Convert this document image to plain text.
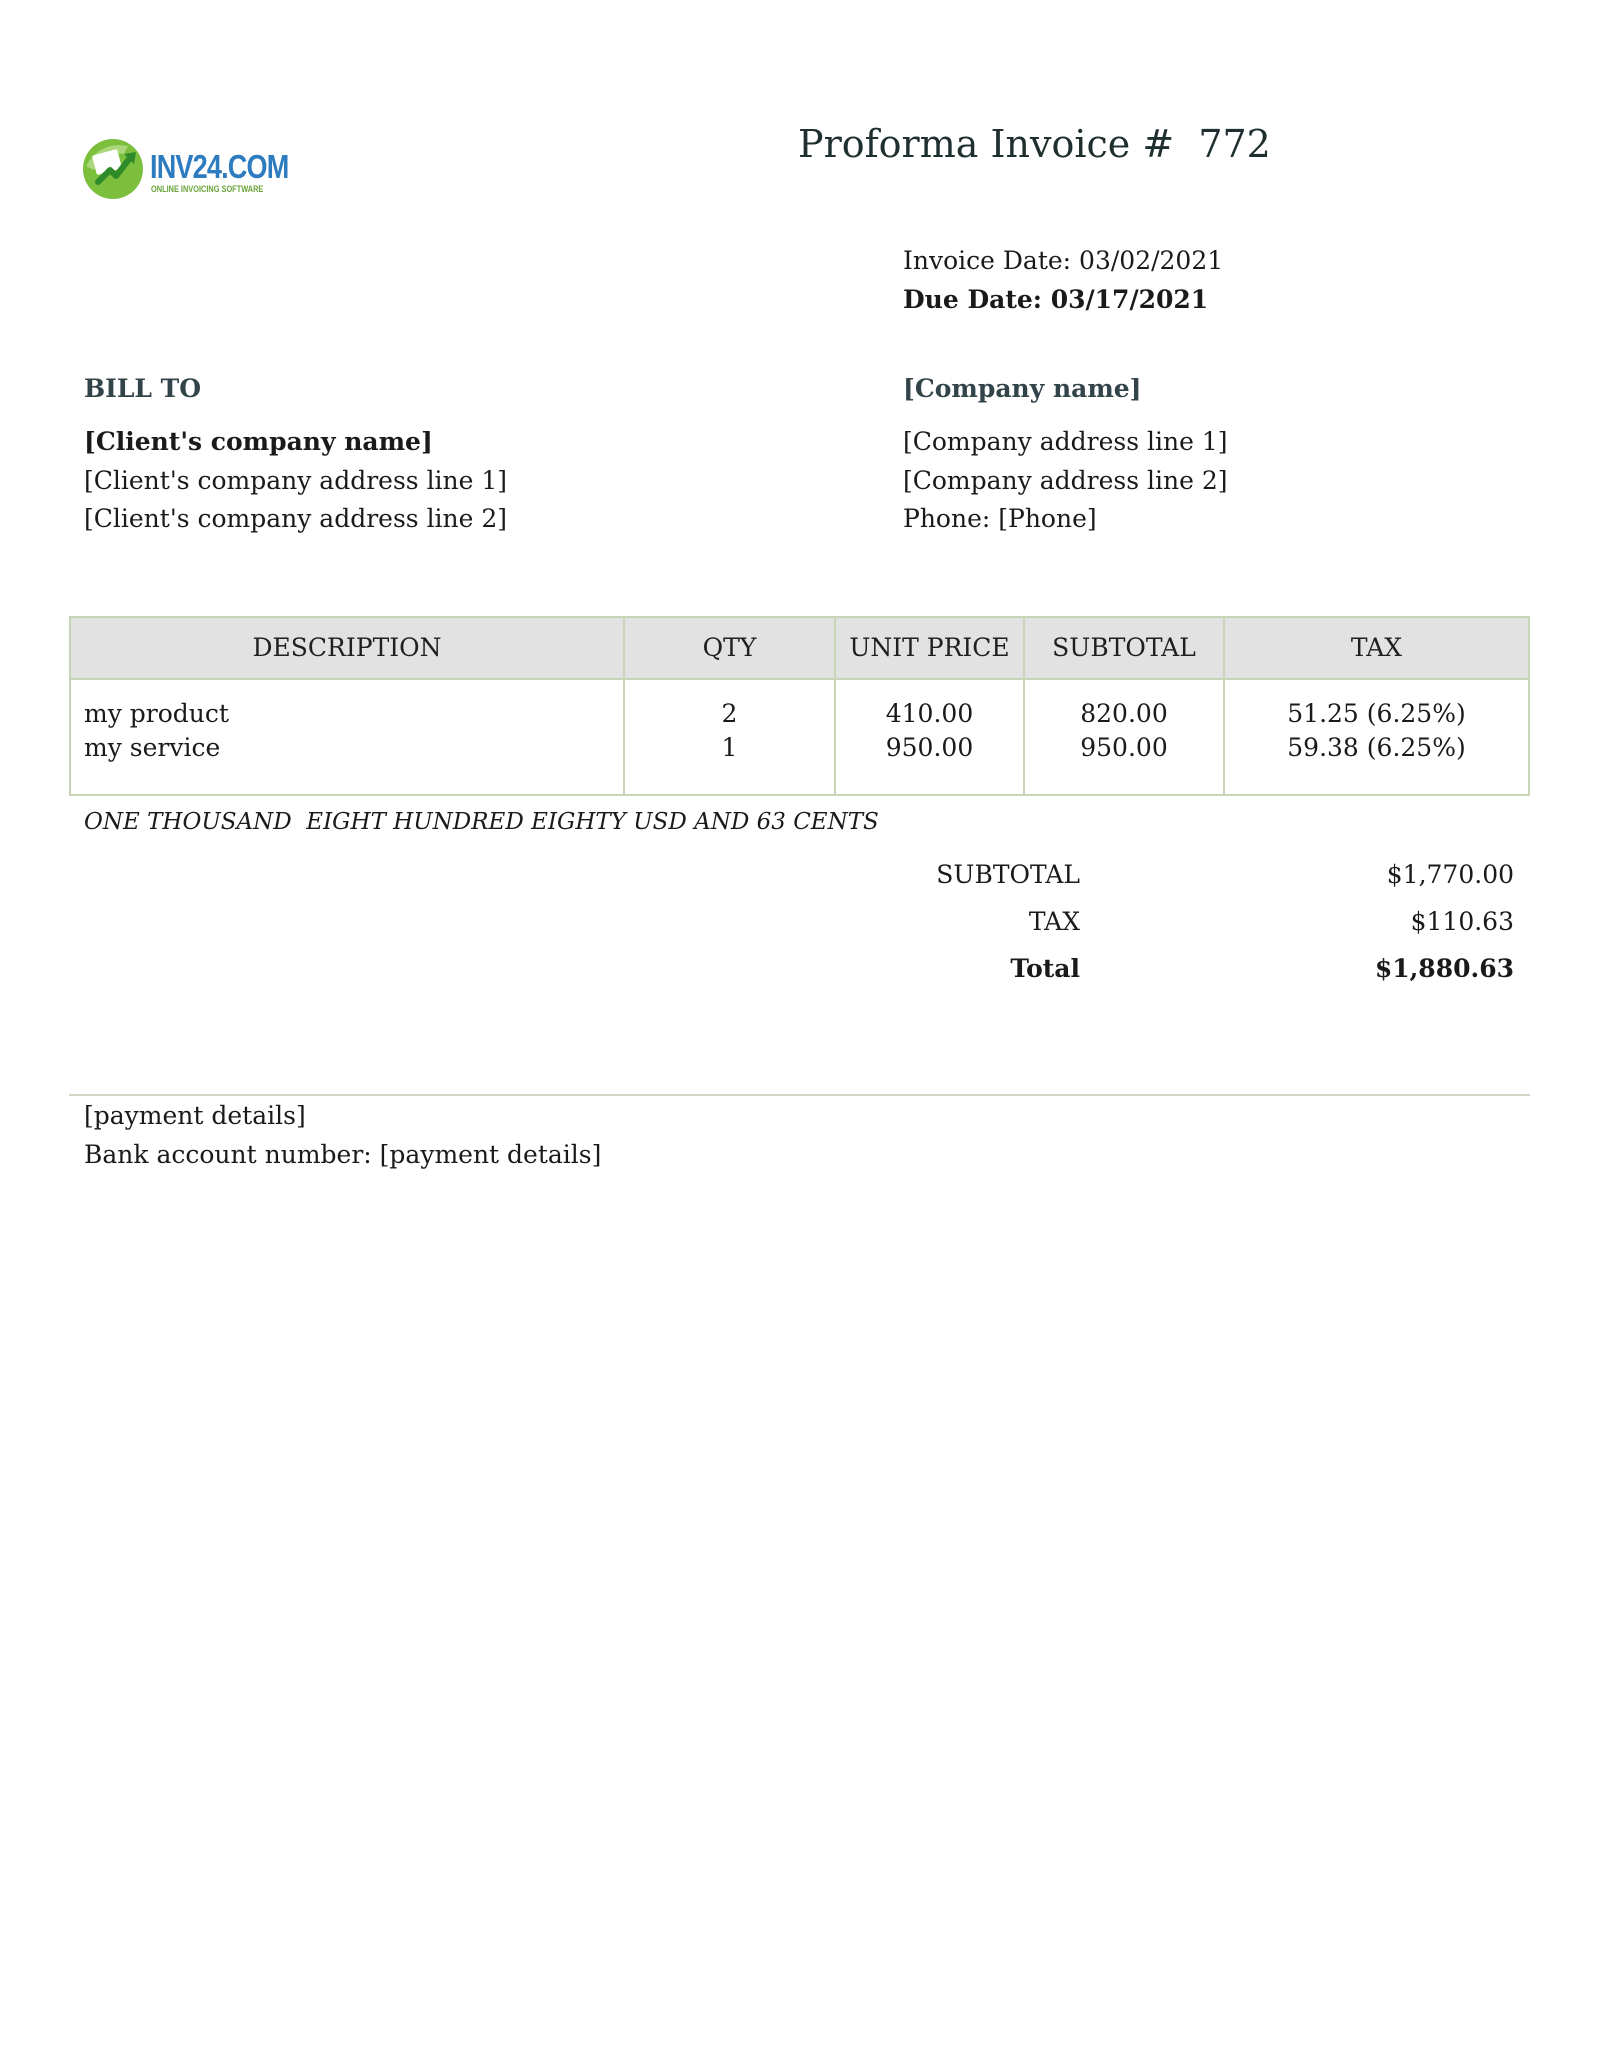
INV24.COM
ONLINE INVOICING SOFTWARE
Proforma Invoice #  772
Invoice Date: 03/02/2021
Due Date: 03/17/2021
BILL TO	[Company name]
[Client's company name]
[Client's company address line 1]
[Client's company address line 2]
[Company address line 1]
[Company address line 2]
Phone: [Phone]
DESCRIPTION	QTY	UNIT PRICE	SUBTOTAL	TAX
my product	2	410.00	820.00	51.25 (6.25%)
my service	1	950.00	950.00	59.38 (6.25%)
ONE THOUSAND  EIGHT HUNDRED EIGHTY USD AND 63 CENTS
SUBTOTAL	$1,770.00
TAX	$110.63
Total	$1,880.63
[payment details]
Bank account number: [payment details]
